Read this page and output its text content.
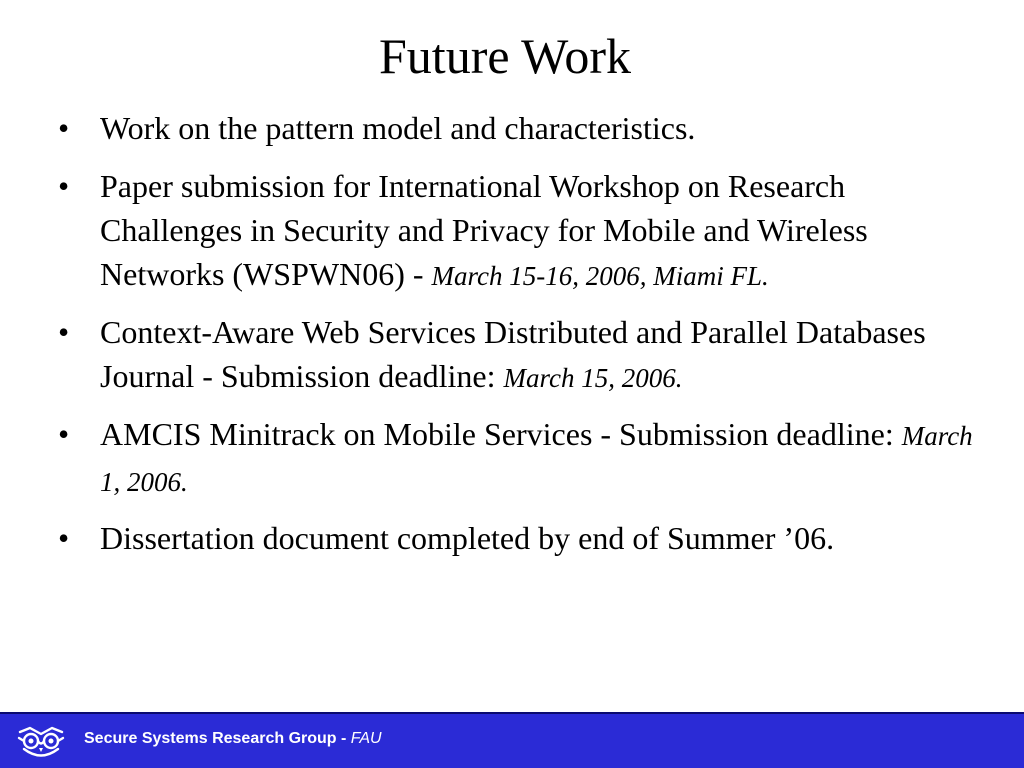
Future Work
• Work on the pattern model and characteristics.
• Paper submission for International Workshop on Research Challenges in Security and Privacy for Mobile and Wireless Networks (WSPWN06) - March 15-16, 2006, Miami FL.
• Context-Aware Web Services Distributed and Parallel Databases Journal - Submission deadline: March 15, 2006.
• AMCIS Minitrack on Mobile Services - Submission deadline: March 1, 2006.
• Dissertation document completed by end of Summer ’06.
Secure Systems Research Group - FAU
